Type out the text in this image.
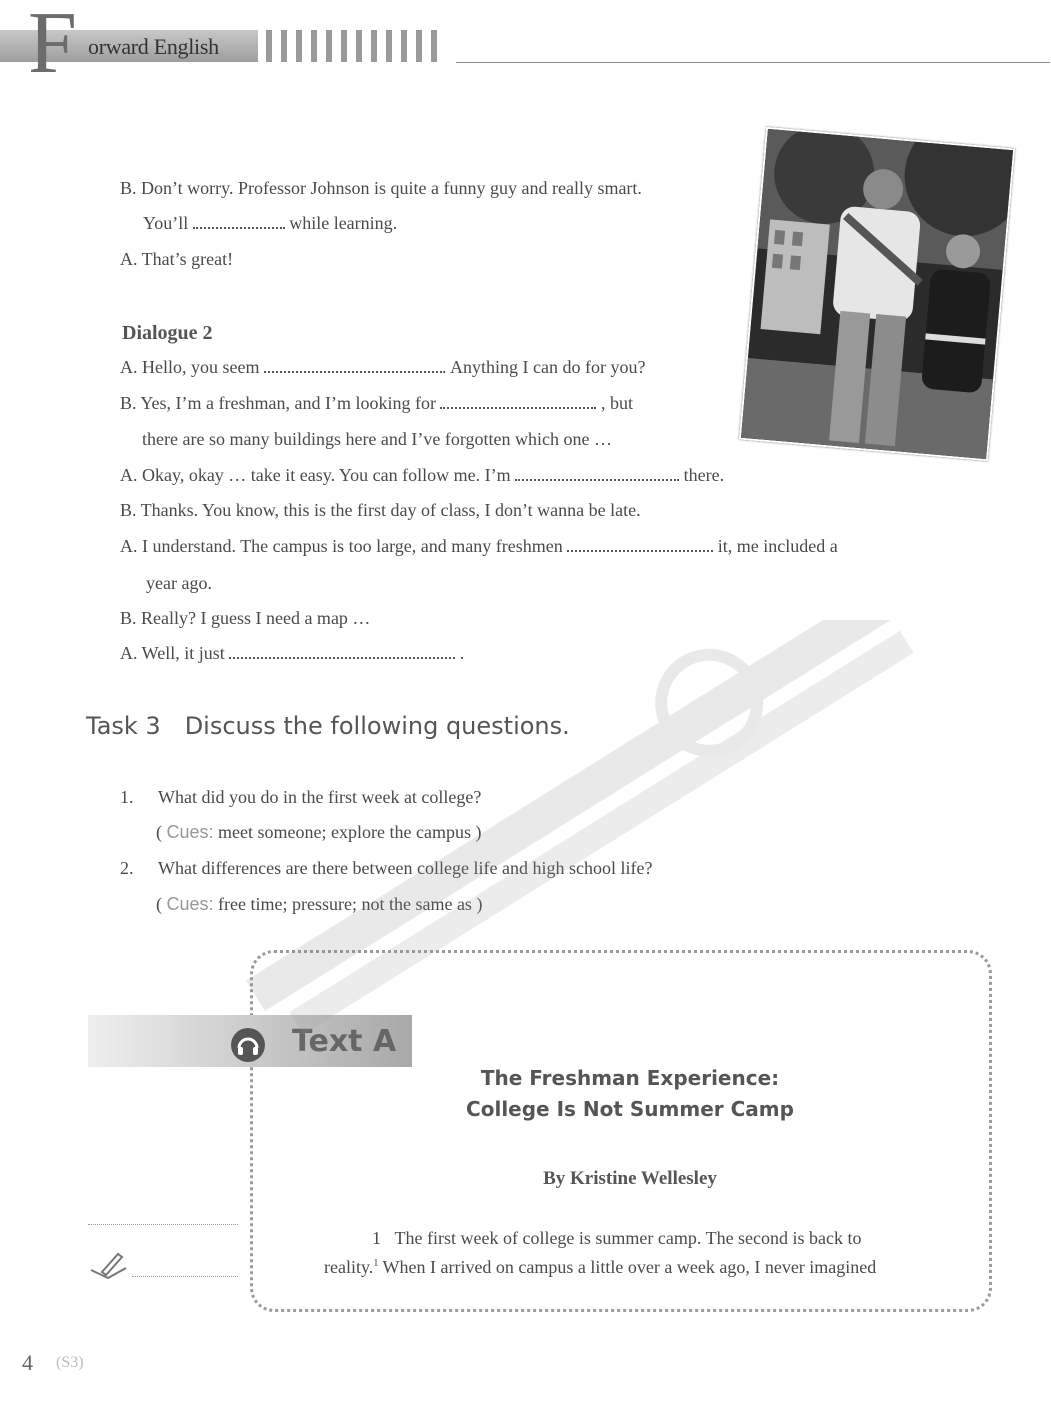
F orward English
B. Don’t worry. Professor Johnson is quite a funny guy and really smart.
You’ll	while learning.
A. That’s great!
Dialogue 2
A. Hello, you seem	. Anything I can do for you?
B. Yes, I’m a freshman, and I’m looking for	, but
there are so many buildings here and I’ve forgotten which one …
A. Okay, okay … take it easy. You can follow me. I’m	there.
B. Thanks. You know, this is the first day of class, I don’t wanna be late.
A. I understand. The campus is too large, and many freshmen	it, me included a
year ago.
B. Really? I guess I need a map …
A. Well, it just	.
Task 3 Discuss the following questions.
1. What did you do in the first week at college?
( Cues: meet someone; explore the campus )
2. What differences are there between college life and high school life?
( Cues: free time; pressure; not the same as )
Text A
The Freshman Experience:
College Is Not Summer Camp
By Kristine Wellesley
1 The first week of college is summer camp. The second is back to
reality.$^1$ When I arrived on campus a little over a week ago, I never imagined
4 (S3)
